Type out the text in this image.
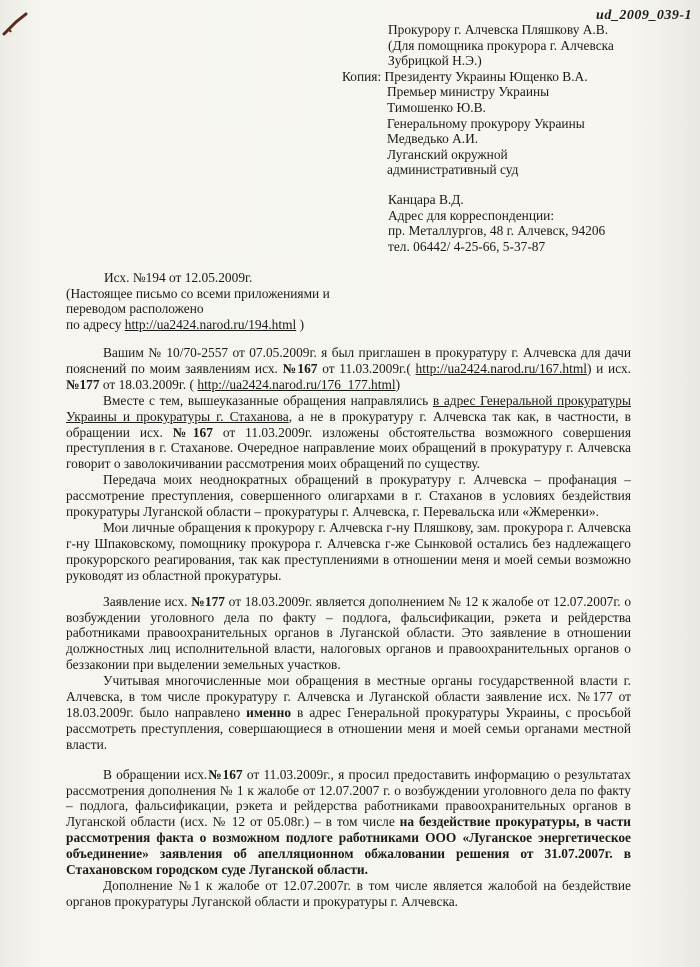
ud_2009_039-1
Прокурору г. Алчевска Пляшкову А.В.
(Для помощника прокурора г. Алчевска
Зубрицкой Н.Э.)
Копия: Президенту Украины Ющенко В.А.
Премьер министру Украины
Тимошенко Ю.В.
Генеральному прокурору Украины
Медведько А.И.
Луганский окружной
административный суд
Канцара В.Д.
Адрес для корреспонденции:
пр. Металлургов, 48 г. Алчевск, 94206
тел. 06442/ 4-25-66, 5-37-87
Исх. №194 от 12.05.2009г.
(Настоящее письмо со всеми приложениями и
переводом расположено
по адресу http://ua2424.narod.ru/194.html )

Вашим № 10/70-2557 от 07.05.2009г. я был приглашен в прокуратуру г. Алчевска для дачи пояснений по моим заявлениям исх. №167 от 11.03.2009г.( http://ua2424.narod.ru/167.html) и исх. №177 от 18.03.2009г. ( http://ua2424.narod.ru/176_177.html)

Вместе с тем, вышеуказанные обращения направлялись в адрес Генеральной прокуратуры Украины и прокуратуры г. Стаханова, а не в прокуратуру г. Алчевска так как, в частности, в обращении исх. №167 от 11.03.2009г. изложены обстоятельства возможного совершения преступления в г. Стаханове. Очередное направление моих обращений в прокуратуру г. Алчевска говорит о заволокичивании рассмотрения моих обращений по существу.

Передача моих неоднократных обращений в прокуратуру г. Алчевска – профанация – рассмотрение преступления, совершенного олигархами в г. Стаханов в условиях бездействия прокуратуры Луганской области – прокуратуры г. Алчевска, г. Перевальска или «Жмеренки».

Мои личные обращения к прокурору г. Алчевска г-ну Пляшкову, зам. прокурора г. Алчевска г-ну Шпаковскому, помощнику прокурора г. Алчевска г-же Сынковой остались без надлежащего прокурорского реагирования, так как преступлениями в отношении меня и моей семьи возможно руководят из областной прокуратуры.

Заявление исх. №177 от 18.03.2009г. является дополнением № 12 к жалобе от 12.07.2007г. о возбуждении уголовного дела по факту – подлога, фальсификации, рэкета и рейдерства работниками правоохранительных органов в Луганской области. Это заявление в отношении должностных лиц исполнительной власти, налоговых органов и правоохранительных органов о беззаконии при выделении земельных участков.

Учитывая многочисленные мои обращения в местные органы государственной власти г. Алчевска, в том числе прокуратуру г. Алчевска и Луганской области заявление исх. №177 от 18.03.2009г. было направлено именно в адрес Генеральной прокуратуры Украины, с просьбой рассмотреть преступления, совершающиеся в отношении меня и моей семьи органами местной власти.

В обращении исх.№167 от 11.03.2009г., я просил предоставить информацию о результатах рассмотрения дополнения № 1 к жалобе от 12.07.2007 г. о возбуждении уголовного дела по факту – подлога, фальсификации, рэкета и рейдерства работниками правоохранительных органов в Луганской области (исх. № 12 от 05.08г.) – в том числе на бездействие прокуратуры, в части рассмотрения факта о возможном подлоге работниками ООО «Луганское энергетическое объединение» заявления об апелляционном обжаловании решения от 31.07.2007г. в Стахановском городском суде Луганской области.

Дополнение №1 к жалобе от 12.07.2007г. в том числе является жалобой на бездействие органов прокуратуры Луганской области и прокуратуры г. Алчевска.
